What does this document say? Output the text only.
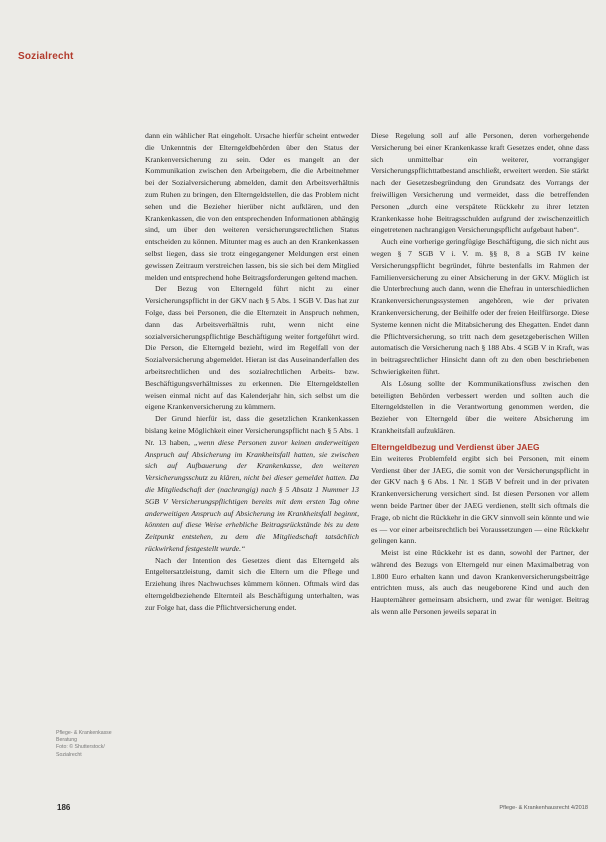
Sozialrecht

dann ein wählicher Rat eingeholt. Ursache hierfür scheint entweder die Unkenntnis der Elterngeldbehörden über den Status der Krankenversicherung zu sein. Oder es mangelt an der Kommunikation zwischen den Arbeitgebern, die die Arbeitnehmer bei der Sozialversicherung abmelden, damit den Arbeitsverhältnis zum Ruhen zu bringen, den Elterngeldstellen, die das Problem nicht sehen und die Bezieher hierüber nicht aufklären, und den Krankenkassen, die von den entsprechenden Informationen abhängig sind, um über den weiteren versicherungsrechtlichen Status entscheiden zu können. Mitunter mag es auch an den Krankenkassen selbst liegen, dass sie trotz eingegangener Meldungen erst einen gewissen Zeitraum verstreichen lassen, bis sie sich bei dem Mitglied melden und entsprechend hohe Beitragsforderungen geltend machen.

Der Bezug von Elterngeld führt nicht zu einer Versicherungspflicht in der GKV nach § 5 Abs. 1 SGB V. Das hat zur Folge, dass bei Personen, die die Elternzeit in Anspruch nehmen, dann das Arbeitsverhältnis ruht, wenn nicht eine sozialversicherungspflichtige Beschäftigung weiter fortgeführt wird. Die Person, die Elterngeld bezieht, wird im Regelfall von der Sozialversicherung abgemeldet. Hieran ist das Auseinanderfallen des arbeitsrechtlichen und des sozialrechtlichen Arbeits- bzw. Beschäftigungsverhältnisses zu erkennen. Die Elterngeldstellen weisen einmal nicht auf das Kalenderjahr hin, sich selbst um die eigene Krankenversicherung zu kümmern.

Der Grund hierfür ist, dass die gesetzlichen Krankenkassen bislang keine Möglichkeit einer Versicherungspflicht nach § 5 Abs. 1 Nr. 13 haben, „wenn diese Personen zuvor keinen anderweitigen Anspruch auf Absicherung im Krankheitsfall hatten, sie zwischen sich auf Aufbauerung der Krankenkasse, den weiteren Versicherungsschutz zu klären, nicht bei dieser gemeldet hatten. Da die Mitgliedschaft der (nachrangig) nach § 5 Absatz 1 Nummer 13 SGB V Versicherungspflichtigen bereits mit dem ersten Tag ohne anderweitigen Anspruch auf Absicherung im Krankheitsfall beginnt, könnten auf diese Weise erhebliche Beitragsrückstände bis zu dem Zeitpunkt entstehen, zu dem die Mitgliedschaft tatsächlich rückwirkend festgestellt wurde.“

Nach der Intention des Gesetzes dient das Elterngeld als Entgeltersatzleistung, damit sich die Eltern um die Pflege und Erziehung ihres Nachwuchses kümmern können. Oftmals wird das elterngeldbeziehende Elternteil als Beschäftigung unterhalten, was zur Folge hat, dass die Pflichtversicherung endet.

Diese Regelung soll auf alle Personen, deren vorhergehende Versicherung bei einer Krankenkasse kraft Gesetzes endet, ohne dass sich unmittelbar ein weiterer, vorrangiger Versicherungspflichttatbestand anschließt, erweitert werden. Sie stärkt nach der Gesetzesbegründung den Grundsatz des Vorrangs der freiwilligen Versicherung und vermeidet, dass die betreffenden Personen „durch eine verspätete Rückkehr zu ihrer letzten Krankenkasse hohe Beitragsschulden aufgrund der zwischenzeitlich eingetretenen nachrangigen Versicherungspflicht aufgebaut haben“.

Auch eine vorherige geringfügige Beschäftigung, die sich nicht aus wegen § 7 SGB V i. V. m. §§ 8, 8 a SGB IV keine Versicherungspflicht begründet, führte bestenfalls im Rahmen der Familienversicherung zu einer Absicherung in der GKV. Möglich ist die Unterbrechung auch dann, wenn die Ehefrau in unterschiedlichen Krankenversicherungssystemen angehören, wie der privaten Krankenversicherung, der Beihilfe oder der freien Heilfürsorge. Diese Systeme kennen nicht die Mitabsicherung des Ehegatten. Endet dann die Pflichtversicherung, so tritt nach dem gesetzgeberischen Willen automatisch die Versicherung nach § 188 Abs. 4 SGB V in Kraft, was in beitragsrechtlicher Hinsicht dann oft zu den oben beschriebenen Schwierigkeiten führt.

Als Lösung sollte der Kommunikationsfluss zwischen den beteiligten Behörden verbessert werden und sollten auch die Elterngeldstellen in die Verantwortung genommen werden, die Bezieher von Elterngeld über die weitere Absicherung im Krankheitsfall aufzuklären.

Elterngeldbezug und Verdienst über JAEG

Ein weiteres Problemfeld ergibt sich bei Personen, mit einem Verdienst über der JAEG, die somit von der Versicherungspflicht in der GKV nach § 6 Abs. 1 Nr. 1 SGB V befreit und in der privaten Krankenversicherung versichert sind. Ist diesen Personen vor allem wenn beide Partner über der JAEG verdienen, stellt sich oftmals die Frage, ob nicht die Rückkehr in die GKV sinnvoll sein könnte und wie es — vor einer arbeitsrechtlich bei Voraussetzungen — eine Rückkehr gelingen kann.

Meist ist eine Rückkehr ist es dann, sowohl der Partner, der während des Bezugs von Elterngeld nur einen Maximalbetrag von 1.800 Euro erhalten kann und davon Krankenversicherungsbeiträge entrichten muss, als auch das neugeborene Kind und auch den Haupternährer gemeinsam absichern, und zwar für weniger. Beitrag als wenn alle Personen jeweils separat in

Pflege- & Krankenkasse
Beratung
Foto: © Shutterstock/
Sozialrecht
186	Pflege- & Krankenhausrecht 4/2018
